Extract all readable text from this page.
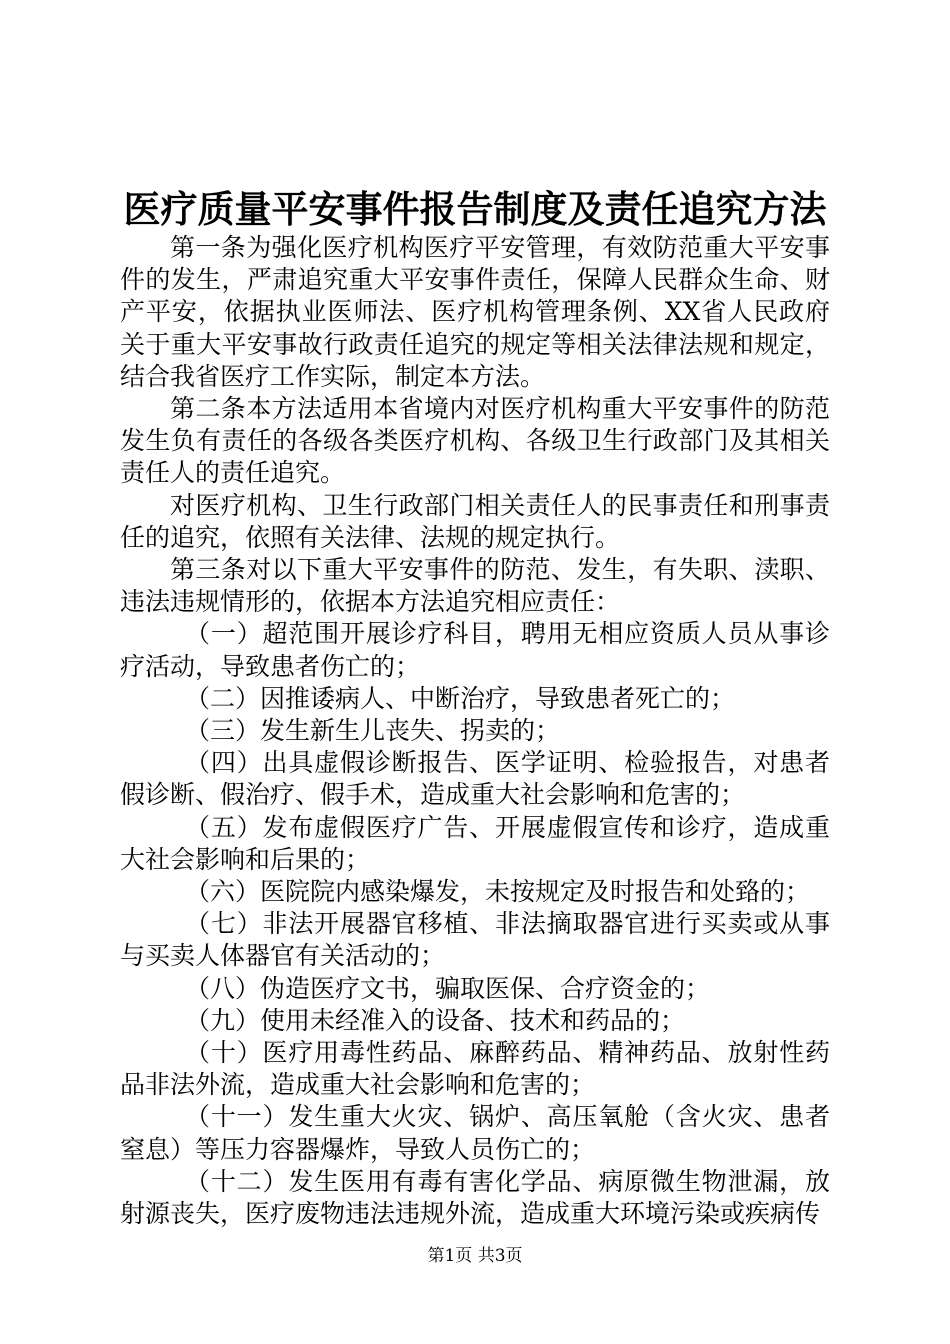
医疗质量平安事件报告制度及责任追究方法

第一条为强化医疗机构医疗平安管理，有效防范重大平安事件的发生，严肃追究重大平安事件责任，保障人民群众生命、财产平安，依据执业医师法、医疗机构管理条例、XX省人民政府关于重大平安事故行政责任追究的规定等相关法律法规和规定，结合我省医疗工作实际，制定本方法。

第二条本方法适用本省境内对医疗机构重大平安事件的防范发生负有责任的各级各类医疗机构、各级卫生行政部门及其相关责任人的责任追究。

对医疗机构、卫生行政部门相关责任人的民事责任和刑事责任的追究，依照有关法律、法规的规定执行。

第三条对以下重大平安事件的防范、发生，有失职、渎职、违法违规情形的，依据本方法追究相应责任：

（一）超范围开展诊疗科目，聘用无相应资质人员从事诊疗活动，导致患者伤亡的；

（二）因推诿病人、中断治疗，导致患者死亡的；

（三）发生新生儿丧失、拐卖的；

（四）出具虚假诊断报告、医学证明、检验报告，对患者假诊断、假治疗、假手术，造成重大社会影响和危害的；

（五）发布虚假医疗广告、开展虚假宣传和诊疗，造成重大社会影响和后果的；

（六）医院院内感染爆发，未按规定及时报告和处臵的；

（七）非法开展器官移植、非法摘取器官进行买卖或从事与买卖人体器官有关活动的；

（八）伪造医疗文书，骗取医保、合疗资金的；

（九）使用未经准入的设备、技术和药品的；

（十）医疗用毒性药品、麻醉药品、精神药品、放射性药品非法外流，造成重大社会影响和危害的；

（十一）发生重大火灾、锅炉、高压氧舱（含火灾、患者窒息）等压力容器爆炸，导致人员伤亡的；

（十二）发生医用有毒有害化学品、病原微生物泄漏，放射源丧失，医疗废物违法违规外流，造成重大环境污染或疾病传

第1页 共3页
